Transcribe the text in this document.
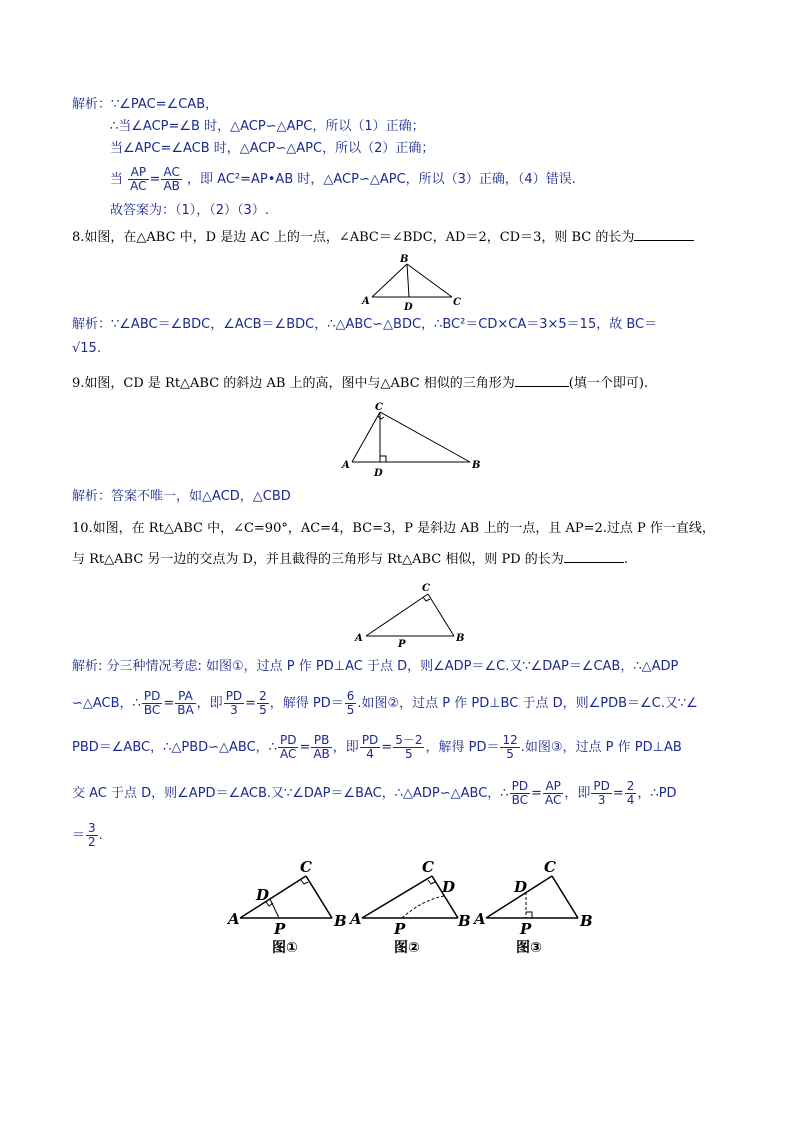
解析：∵∠PAC=∠CAB，
∴当∠ACP=∠B 时，△ACP∽△APC，所以（1）正确；
当∠APC=∠ACB 时，△ACP∽△APC，所以（2）正确；
当 $\frac{AP}{AC} = \frac{AC}{AB}$ ，即 AC²=AP•AB 时，△ACP∽△APC，所以（3）正确，（4）错误.
故答案为：（1），（2）（3）.
8.如图，在△ABC 中，D 是边 AC 上的一点，∠ABC＝∠BDC，AD＝2，CD＝3，则 BC 的长为
B
A
D	C
解析：∵∠ABC＝∠BDC，∠ACB＝∠BDC，∴△ABC∽△BDC，∴BC²＝CD×CA＝3×5＝15，故 BC＝
√15.
9.如图，CD 是 Rt△ABC 的斜边 AB 上的高，图中与△ABC 相似的三角形为	(填一个即可).
C
A
D
B
解析：答案不唯一，如△ACD，△CBD
10.如图，在 Rt△ABC 中，∠C=90°，AC=4，BC=3，P 是斜边 AB 上的一点，且 AP=2.过点 P 作一直线，
与 Rt△ABC 另一边的交点为 D，并且截得的三角形与 Rt△ABC 相似，则 PD 的长为	.
C
A
P
B
解析: 分三种情况考虑: 如图①，过点 P 作 PD⊥AC 于点 D，则∠ADP＝∠C.又∵∠DAP＝∠CAB，∴△ADP
∽△ACB，∴ $\frac{PD}{BC} = \frac{PA}{BA}$ ，即 $\frac{PD}{3} = \frac{2}{5}$ ，解得 $PD= \frac{6}{5}$ .如图②，过点 P 作 PD⊥BC 于点 D，则∠PDB＝∠C.又∵∠
PBD＝∠ABC，∴△PBD∽△ABC，∴ $\frac{PD}{AC} = \frac{PB}{AB}$ ，即 $\frac{PD}{4} = \frac{5-2}{5}$ ，解得 $PD= \frac{12}{5}$ .如图③，过点 P 作 PD⊥AB
交 AC 于点 D，则∠APD＝∠ACB.又∵∠DAP＝∠BAC，∴△ADP∽△ABC，∴ $\frac{PD}{BC} = \frac{AP}{AC}$ ，即 $\frac{PD}{3} = \frac{2}{4}$ ，∴PD
＝ $\frac{3}{2}$ .
C
D
A
P	B
图①
C
D
A
P	B
图②
C
D
A
P	B
图③
